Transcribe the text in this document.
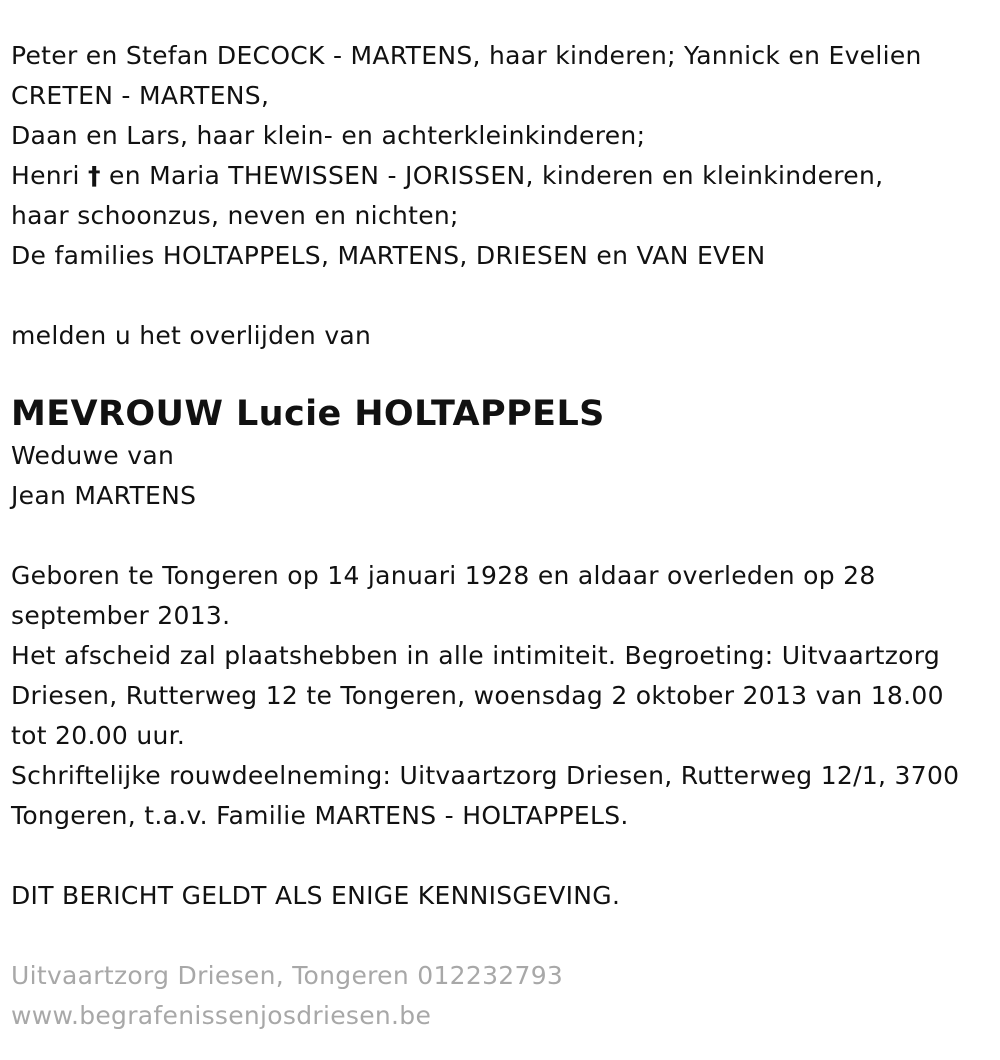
Peter en Stefan DECOCK - MARTENS, haar kinderen; Yannick en Evelien
CRETEN - MARTENS,
Daan en Lars, haar klein- en achterkleinkinderen;
Henri † en Maria THEWISSEN - JORISSEN, kinderen en kleinkinderen,
haar schoonzus, neven en nichten;
De families HOLTAPPELS, MARTENS, DRIESEN en VAN EVEN
melden u het overlijden van
MEVROUW Lucie HOLTAPPELS
Weduwe van
Jean MARTENS
Geboren te Tongeren op 14 januari 1928 en aldaar overleden op 28
september 2013.
Het afscheid zal plaatshebben in alle intimiteit. Begroeting: Uitvaartzorg
Driesen, Rutterweg 12 te Tongeren, woensdag 2 oktober 2013 van 18.00
tot 20.00 uur.
Schriftelijke rouwdeelneming: Uitvaartzorg Driesen, Rutterweg 12/1, 3700
Tongeren, t.a.v. Familie MARTENS - HOLTAPPELS.
DIT BERICHT GELDT ALS ENIGE KENNISGEVING.
Uitvaartzorg Driesen, Tongeren 012232793
www.begrafenissenjosdriesen.be
